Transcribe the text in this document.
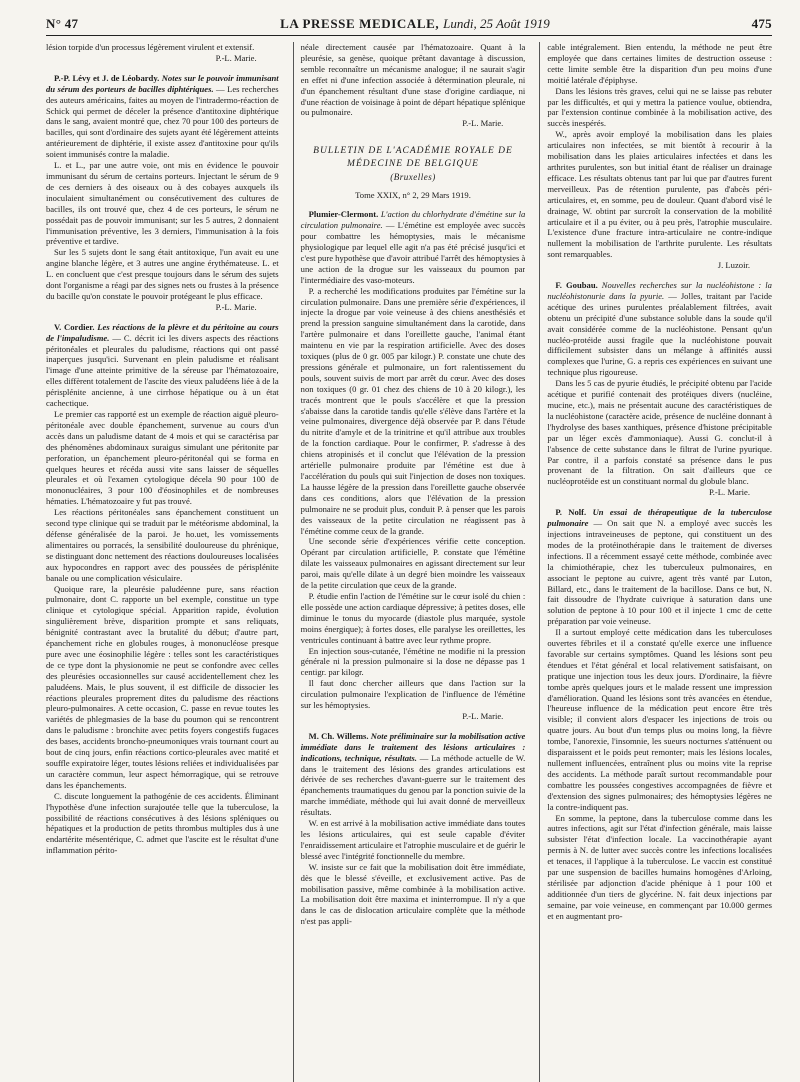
N° 47	LA PRESSE MEDICALE, Lundi, 25 Août 1919	475

lésion torpide d'un processus légèrement virulent et extensif.

P.-L. Marie.

P.-P. Lévy et J. de Léobardy. Notes sur le pouvoir immunisant du sérum des porteurs de bacilles diphtériques. — Les recherches des auteurs américains, faites au moyen de l'intradermo-réaction de Schick qui permet de déceler la présence d'antitoxine diphtérique dans le sang, avaient montré que, chez 70 pour 100 des porteurs de bacilles, qui sont d'ordinaire des sujets ayant été légèrement atteints antérieurement de diphtérie, il existe assez d'antitoxine pour qu'ils soient immunisés contre la maladie.

L. et L., par une autre voie, ont mis en évidence le pouvoir immunisant du sérum de certains porteurs. Injectant le sérum de 9 de ces derniers à des oiseaux ou à des cobayes auxquels ils inoculaient simultanément ou consécutivement des cultures de bacilles, ils ont trouvé que, chez 4 de ces porteurs, le sérum ne possédait pas de pouvoir immunisant; sur les 5 autres, 2 donnaient l'immunisation préventive, les 3 derniers, l'immunisation à la fois préventive et tardive.

Sur les 5 sujets dont le sang était antitoxique, l'un avait eu une angine blanche légère, et 3 autres une angine érythémateuse. L. et L. en concluent que c'est presque toujours dans le sérum des sujets dont l'organisme a réagi par des signes nets ou frustes à la présence du bacille qu'on constate le pouvoir protégeant le plus efficace.

P.-L. Marie.

V. Cordier. Les réactions de la plèvre et du péritoine au cours de l'impaludisme. — C. décrit ici les divers aspects des réactions péritonéales et pleurales du paludisme, réactions qui ont passé inaperçues jusqu'ici. Survenant en plein paludisme et réalisant l'image d'une atteinte primitive de la séreuse par l'hématozoaire, elles diffèrent totalement de l'ascite des vieux paludéens liée à de la périsplénite ancienne, à une cirrhose hépatique ou à un état cachectique.

Le premier cas rapporté est un exemple de réaction aiguë pleuro-péritonéale avec double épanchement, survenue au cours d'un accès dans un paludisme datant de 4 mois et qui se caractérisa par des phénomènes abdominaux suraigus simulant une péritonite par perforation, un épanchement pleuro-péritonéal qui se forma en quelques heures et récéda aussi vite sans laisser de séquelles pleurales et où l'examen cytologique décela 90 pour 100 de mononucléaires, 3 pour 100 d'éosinophiles et de nombreuses hématies. L'hématozoaire y fut pas trouvé.

Les réactions péritonéales sans épanchement constituent un second type clinique qui se traduit par le météorisme abdominal, la défense généralisée de la paroi. Je ho.uet, les vomissements alimentaires ou porracés, la sensibilité douloureuse du phrénique, se distinguant donc nettement des réactions douloureuses localisées aux hypocondres en rapport avec des poussées de périsplénite banale ou une complication vésiculaire.

Quoique rare, la pleurésie paludéenne pure, sans réaction pulmonaire, dont C. rapporte un bel exemple, constitue un type clinique et cytologique spécial. Apparition rapide, évolution singulièrement brève, disparition prompte et sans reliquats, bénignité contrastant avec la brutalité du début; d'autre part, épanchement riche en globules rouges, à mononucléose presque pure avec une éosinophilie légère : telles sont les caractéristiques de ce type dont la physionomie ne peut se confondre avec celles des pleurésies occasionnelles sur causé accidentellement chez les paludéens. Mais, le plus souvent, il est difficile de dissocier les réactions pleurales proprement dites du paludisme des réactions pleuro-pulmonaires. A cette occasion, C. passe en revue toutes les variétés de phlegmasies de la base du poumon qui se rencontrent dans le paludisme : bronchite avec petits foyers congestifs fugaces des bases, accidents broncho-pneumoniques vrais tournant court au bout de cinq jours, enfin réactions cortico-pleurales avec matité et souffle expiratoire léger, toutes lésions reliées et individualisées par un caractère commun, leur aspect hémorragique, qui se retrouve dans les épanchements.

C. discute longuement la pathogénie de ces accidents. Éliminant l'hypothèse d'une infection surajoutée telle que la tuberculose, la possibilité de réactions consécutives à des lésions spléniques ou hépatiques et la production de petits thrombus multiples dus à une endartérite mésentérique, C. admet que l'ascite est le résultat d'une inflammation périto-

néale directement causée par l'hématozoaire. Quant à la pleurésie, sa genèse, quoique prêtant davantage à discussion, semble reconnaître un mécanisme analogue; il ne saurait s'agir en effet ni d'une infection associée à détermination pleurale, ni d'un épanchement résultant d'une stase d'origine cardiaque, ni d'une réaction de voisinage à point de départ hépatique splénique ou pulmonaire.

P.-L. Marie.
BULLETIN DE L'ACADÉMIE ROYALE DE MÉDECINE DE BELGIQUE
(Bruxelles)
Tome XXIX, n° 2, 29 Mars 1919.

Plumier-Clermont. L'action du chlorhydrate d'émétine sur la circulation pulmonaire. — L'émétine est employée avec succès pour combattre les hémoptysies, mais le mécanisme physiologique par lequel elle agit n'a pas été précisé jusqu'ici et c'est pure hypothèse que d'avoir attribué l'arrêt des hémoptysies à une action de la drogue sur les vaisseaux du poumon par l'intermédiaire des vaso-moteurs.

P. a recherché les modifications produites par l'émétine sur la circulation pulmonaire. Dans une première série d'expériences, il injecte la drogue par voie veineuse à des chiens anesthésiés et prend la pression sanguine simultanément dans la carotide, dans l'artère pulmonaire et dans l'oreillette gauche, l'animal étant maintenu en vie par la respiration artificielle. Avec des doses toxiques (plus de 0 gr. 005 par kilogr.) P. constate une chute des pressions générale et pulmonaire, un fort ralentissement du pouls, souvent suivis de mort par arrêt du cœur. Avec des doses non toxiques (0 gr. 01 chez des chiens de 10 à 20 kilogr.), les tracés montrent que le pouls s'accélère et que la pression s'abaisse dans la carotide tandis qu'elle s'élève dans l'artère et la veine pulmonaires, divergence déjà observée par P. dans l'étude du nitrite d'amyle et de la trinitrine et qu'il attribue aux troubles de la fonction cardiaque. Pour le confirmer, P. s'adresse à des chiens atropinisés et il conclut que l'élévation de la pression artérielle pulmonaire produite par l'émétine est due à l'accélération du pouls qui suit l'injection de doses non toxiques. La hausse légère de la pression dans l'oreillette gauche observée dans ces conditions, alors que l'élévation de la pression pulmonaire ne se produit plus, conduit P. à penser que les parois des vaisseaux de la petite circulation ne réagissent pas à l'émétine comme ceux de la grande.

Une seconde série d'expériences vérifie cette conception. Opérant par circulation artificielle, P. constate que l'émétine dilate les vaisseaux pulmonaires en agissant directement sur leur paroi, mais qu'elle dilate à un degré bien moindre les vaisseaux de la petite circulation que ceux de la grande.

P. étudie enfin l'action de l'émétine sur le cœur isolé du chien : elle possède une action cardiaque dépressive; à petites doses, elle diminue le tonus du myocarde (diastole plus marquée, systole moins énergique); à fortes doses, elle paralyse les oreillettes, les ventricules continuant à battre avec leur rythme propre.

En injection sous-cutanée, l'émétine ne modifie ni la pression générale ni la pression pulmonaire si la dose ne dépasse pas 1 centigr. par kilogr.

Il faut donc chercher ailleurs que dans l'action sur la circulation pulmonaire l'explication de l'influence de l'émétine sur les hémoptysies.

P.-L. Marie.

M. Ch. Willems. Note préliminaire sur la mobilisation active immédiate dans le traitement des lésions articulaires : indications, technique, résultats. — La méthode actuelle de W. dans le traitement des lésions des grandes articulations est dérivée de ses recherches d'avant-guerre sur le traitement des épanchements traumatiques du genou par la ponction suivie de la marche immédiate, méthode qui lui avait donné de merveilleux résultats.

W. en est arrivé à la mobilisation active immédiate dans toutes les lésions articulaires, qui est seule capable d'éviter l'enraidissement articulaire et l'atrophie musculaire et de guérir le blessé avec l'intégrité fonctionnelle du membre.

W. insiste sur ce fait que la mobilisation doit être immédiate, dès que le blessé s'éveille, et exclusivement active. Pas de mobilisation passive, même combinée à la mobilisation active. La mobilisation doit être maxima et ininterrompue. Il n'y a que dans le cas de dislocation articulaire complète que la méthode n'est pas appli-

cable intégralement. Bien entendu, la méthode ne peut être employée que dans certaines limites de destruction osseuse : cette limite semble être la disparition d'un peu moins d'une moitié latérale d'épiphyse.

Dans les lésions très graves, celui qui ne se laisse pas rebuter par les difficultés, et qui y mettra la patience voulue, obtiendra, par l'extension continue combinée à la mobilisation active, des succès inespérés.

W., après avoir employé la mobilisation dans les plaies articulaires non infectées, se mit bientôt à recourir à la mobilisation dans les plaies articulaires infectées et dans les arthrites purulentes, son but initial étant de réaliser un drainage efficace. Les résultats obtenus tant par lui que par d'autres furent merveilleux. Pas de rétention purulente, pas d'abcès péri-articulaires, et, en somme, peu de douleur. Quant d'abord visé le drainage, W. obtint par surcroît la conservation de la mobilité articulaire et il a pu éviter, ou à peu près, l'atrophie musculaire. L'existence d'une fracture intra-articulaire ne contre-indique nullement la mobilisation de l'arthrite purulente. Les résultats sont remarquables.

J. Luzoir.

F. Goubau. Nouvelles recherches sur la nucléohistone : la nucléohistonurie dans la pyurie. — Jolles, traitant par l'acide acétique des urines purulentes préalablement filtrées, avait obtenu un précipité d'une substance soluble dans la soude qu'il avait considérée comme de la nucléohistone. Pensant qu'un nucléo-protéide aussi fragile que la nucléohistone pouvait difficilement subsister dans un mélange à affinités aussi complexes que l'urine, G. a repris ces expériences en suivant une technique plus rigoureuse.

Dans les 5 cas de pyurie étudiés, le précipité obtenu par l'acide acétique et purifié contenait des protéiques divers (nucléine, mucine, etc.), mais ne présentait aucune des caractéristiques de la nucléohistone (caractère acide, présence de nucléine donnant à l'hydrolyse des bases xanthiques, présence d'histone précipitable par un léger excès d'ammoniaque). Aussi G. conclut-il à l'absence de cette substance dans le filtrat de l'urine pyurique. Par contre, il a parfois constaté sa présence dans le pus provenant de la filtration. On sait d'ailleurs que ce nucléoprotéide est un constituant normal du globule blanc.

P.-L. Marie.

P. Nolf. Un essai de thérapeutique de la tuberculose pulmonaire — On sait que N. a employé avec succès les injections intraveineuses de peptone, qui constituent un des modes de la protéinothérapie dans le traitement de diverses infections. Il a récemment essayé cette méthode, combinée avec la chimiothérapie, chez les tuberculeux pulmonaires, en associant le peptone au cuivre, agent très vanté par Luton, Billard, etc., dans le traitement de la bacillose. Dans ce but, N. fait dissoudre de l'hydrate cuivrique à saturation dans une solution de peptone à 10 pour 100 et il injecte 1 cmc de cette préparation par voie veineuse.

Il a surtout employé cette médication dans les tuberculoses ouvertes fébriles et il a constaté qu'elle exerce une influence favorable sur certains symptômes. Quand les lésions sont peu étendues et l'état général et local relativement satisfaisant, on pratique une injection tous les deux jours. D'ordinaire, la fièvre tombe après quelques jours et le malade ressent une impression d'amélioration. Quand les lésions sont très avancées en étendue, l'heureuse influence de la médication peut encore être très visible; il convient alors d'espacer les injections de trois ou quatre jours. Au bout d'un temps plus ou moins long, la fièvre tombe, l'anorexie, l'insomnie, les sueurs nocturnes s'atténuent ou disparaissent et le poids peut remonter; mais les lésions locales, nullement influencées, entraînent plus ou moins vite la reprise des accidents. La méthode paraît surtout recommandable pour combattre les poussées congestives accompagnées de fièvre et d'extension des signes pulmonaires; des hémoptysies légères ne la contre-indiquent pas.

En somme, la peptone, dans la tuberculose comme dans les autres infections, agit sur l'état d'infection générale, mais laisse subsister l'état d'infection locale. La vaccinothérapie ayant permis à N. de lutter avec succès contre les infections localisées et tenaces, il l'applique à la tuberculose. Le vaccin est constitué par une suspension de bacilles humains homogènes d'Arloing, stérilisée par adjonction d'acide phénique à 1 pour 100 et additionnée d'un tiers de glycérine. N. fait deux injections par semaine, par voie veineuse, en commençant par 10.000 germes et en augmentant pro-
